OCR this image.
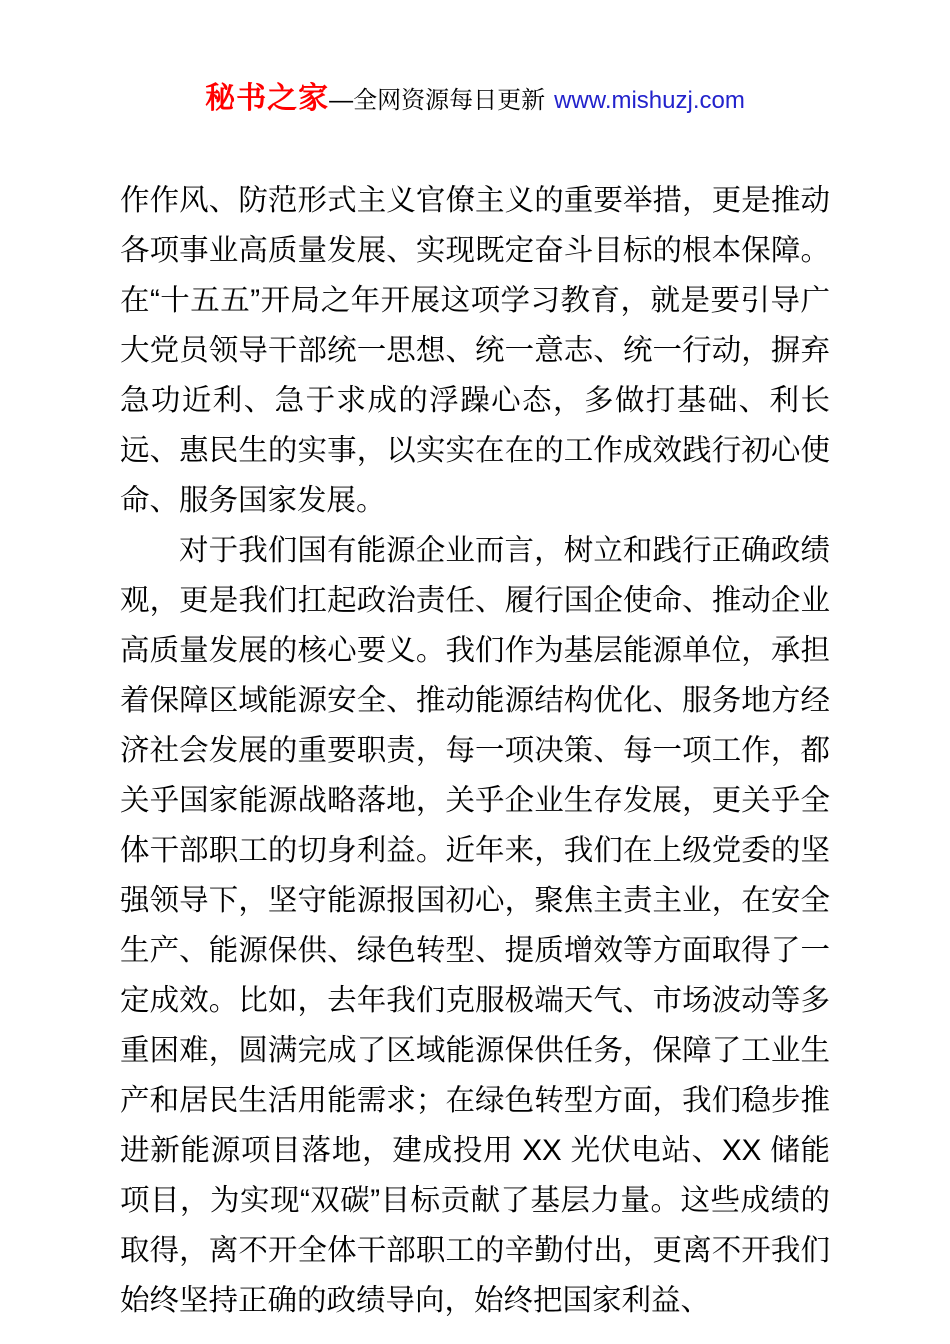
秘书之家—全网资源每日更新 www.mishuzj.com

作作风、防范形式主义官僚主义的重要举措，更是推动各项事业高质量发展、实现既定奋斗目标的根本保障。在“十五五”开局之年开展这项学习教育，就是要引导广大党员领导干部统一思想、统一意志、统一行动，摒弃急功近利、急于求成的浮躁心态，多做打基础、利长远、惠民生的实事，以实实在在的工作成效践行初心使命、服务国家发展。

对于我们国有能源企业而言，树立和践行正确政绩观，更是我们扛起政治责任、履行国企使命、推动企业高质量发展的核心要义。我们作为基层能源单位，承担着保障区域能源安全、推动能源结构优化、服务地方经济社会发展的重要职责，每一项决策、每一项工作，都关乎国家能源战略落地，关乎企业生存发展，更关乎全体干部职工的切身利益。近年来，我们在上级党委的坚强领导下，坚守能源报国初心，聚焦主责主业，在安全生产、能源保供、绿色转型、提质增效等方面取得了一定成效。比如，去年我们克服极端天气、市场波动等多重困难，圆满完成了区域能源保供任务，保障了工业生产和居民生活用能需求；在绿色转型方面，我们稳步推进新能源项目落地，建成投用 XX 光伏电站、XX 储能项目，为实现“双碳”目标贡献了基层力量。这些成绩的取得，离不开全体干部职工的辛勤付出，更离不开我们始终坚持正确的政绩导向，始终把国家利益、
